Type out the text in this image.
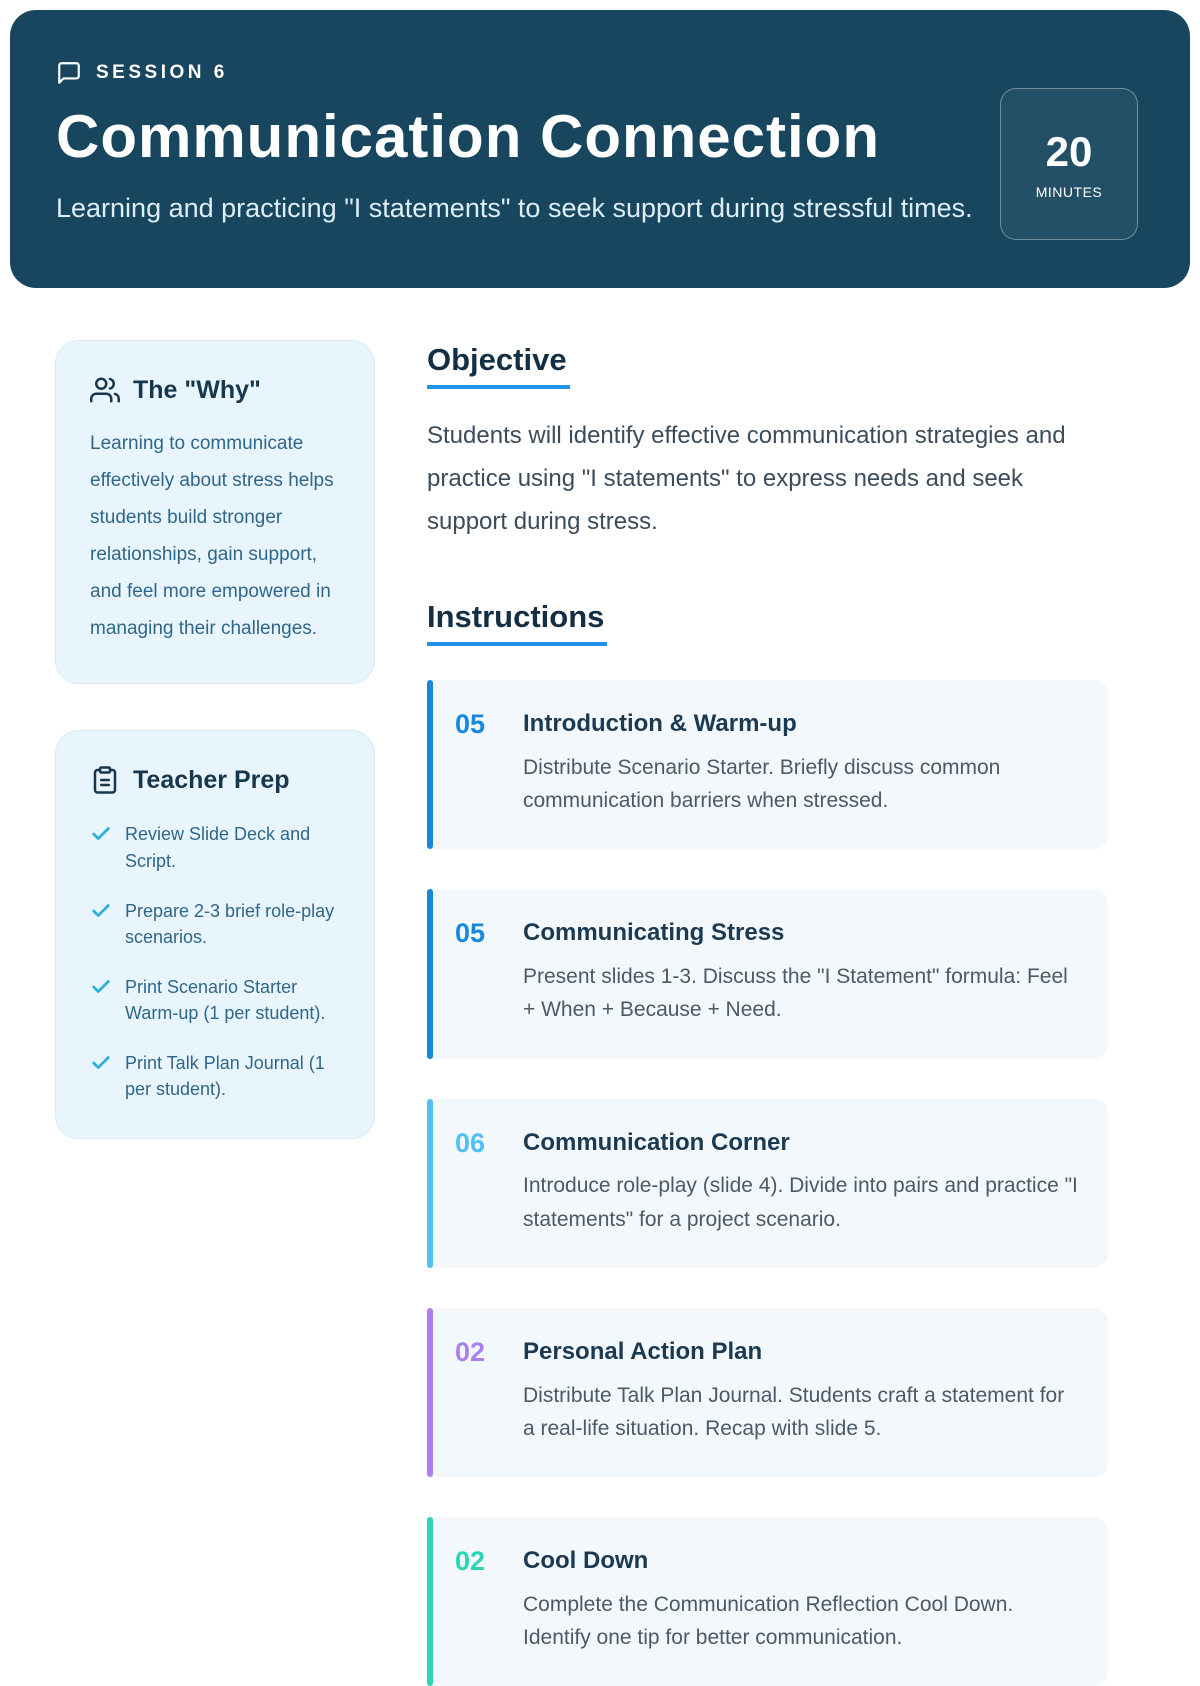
SESSION 6
Communication Connection

Learning and practicing "I statements" to seek support during stressful times.

20
MINUTES
The "Why"

Learning to communicate effectively about stress helps students build stronger relationships, gain support, and feel more empowered in managing their challenges.

Teacher Prep
Review Slide Deck and Script.
Prepare 2-3 brief role-play scenarios.
Print Scenario Starter Warm-up (1 per student).
Print Talk Plan Journal (1 per student).
Objective

Students will identify effective communication strategies and practice using "I statements" to express needs and seek support during stress.

Instructions
05	Introduction & Warm-up

Distribute Scenario Starter. Briefly discuss common communication barriers when stressed.

05	Communicating Stress

Present slides 1-3. Discuss the "I Statement" formula: Feel + When + Because + Need.

06	Communication Corner

Introduce role-play (slide 4). Divide into pairs and practice "I statements" for a project scenario.

02	Personal Action Plan

Distribute Talk Plan Journal. Students craft a statement for a real-life situation. Recap with slide 5.

02	Cool Down

Complete the Communication Reflection Cool Down. Identify one tip for better communication.
